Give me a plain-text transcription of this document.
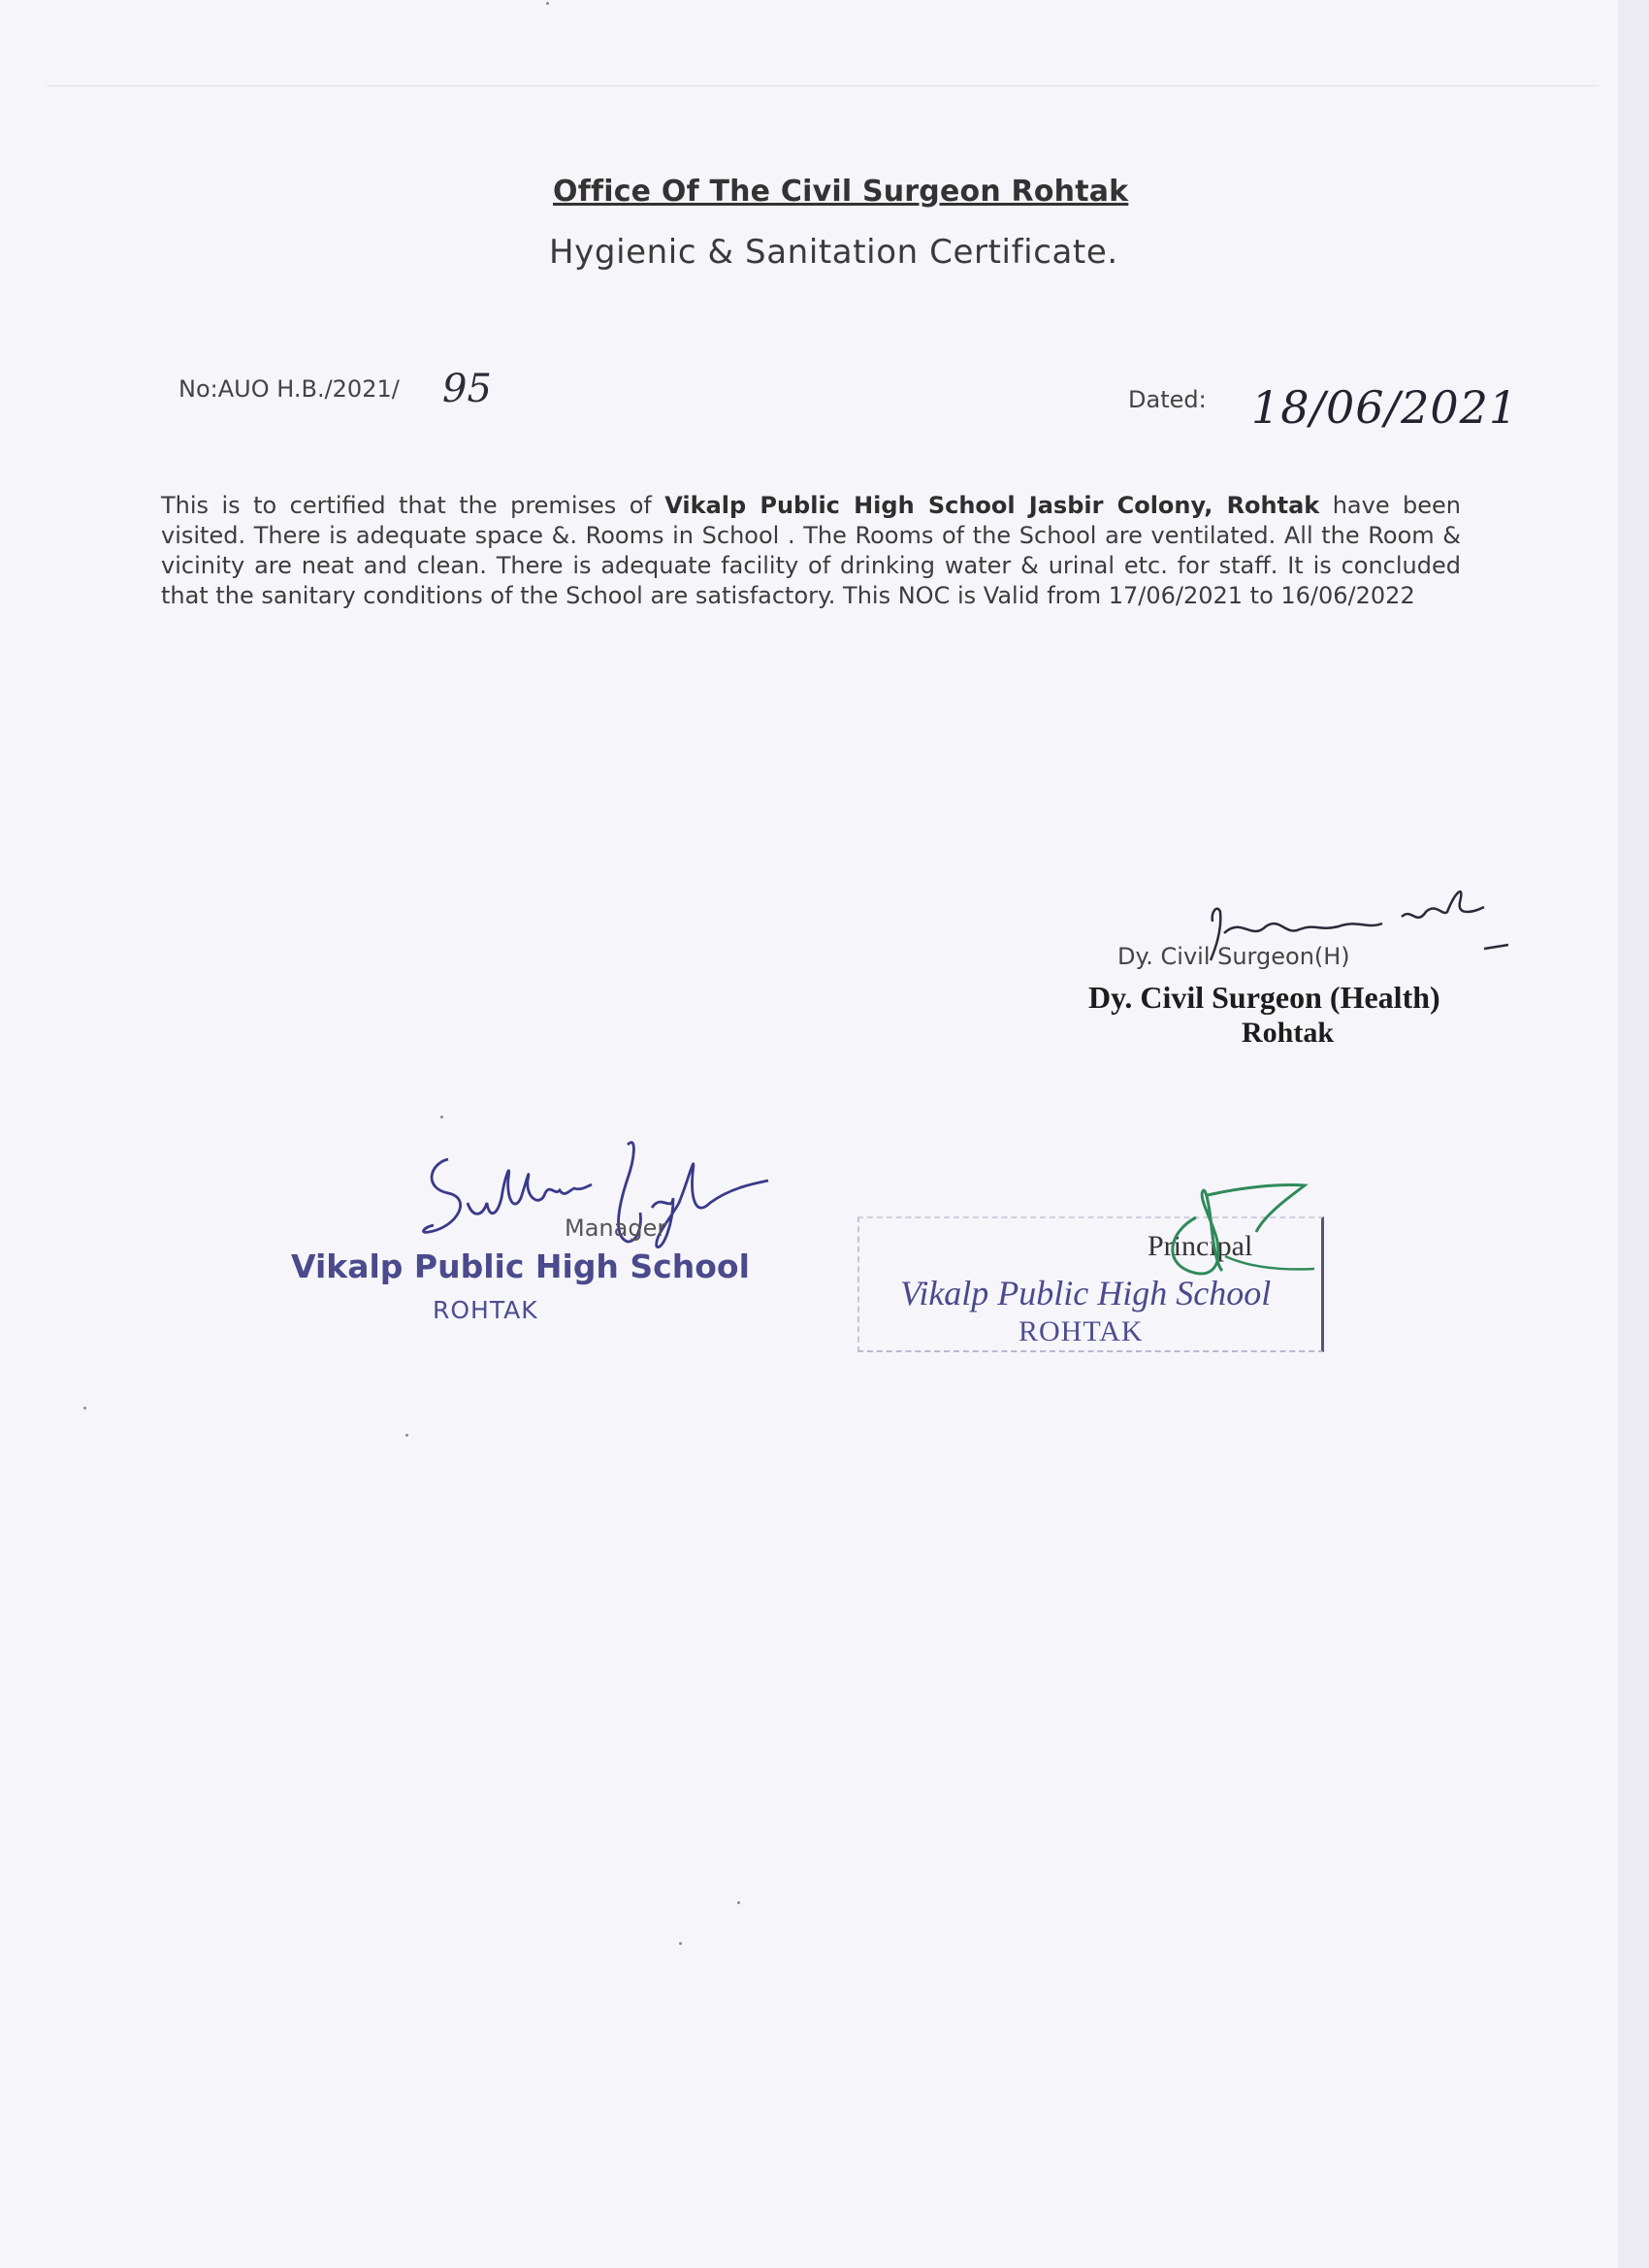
Office Of The Civil Surgeon Rohtak
Hygienic & Sanitation Certificate.
No:AUO H.B./2021/ 95	Dated: 18/06/2021
This is to certified that the premises of Vikalp Public High School Jasbir Colony, Rohtak have been visited. There is adequate space &. Rooms in School . The Rooms of the School are ventilated. All the Room & vicinity are neat and clean. There is adequate facility of drinking water & urinal etc. for staff. It is concluded that the sanitary conditions of the School are satisfactory. This NOC is Valid from 17/06/2021 to 16/06/2022
Dy. Civil Surgeon(H)
Dy. Civil Surgeon (Health)
Rohtak
Manager
Vikalp Public High School
ROHTAK
Principal
Vikalp Public High School
ROHTAK
